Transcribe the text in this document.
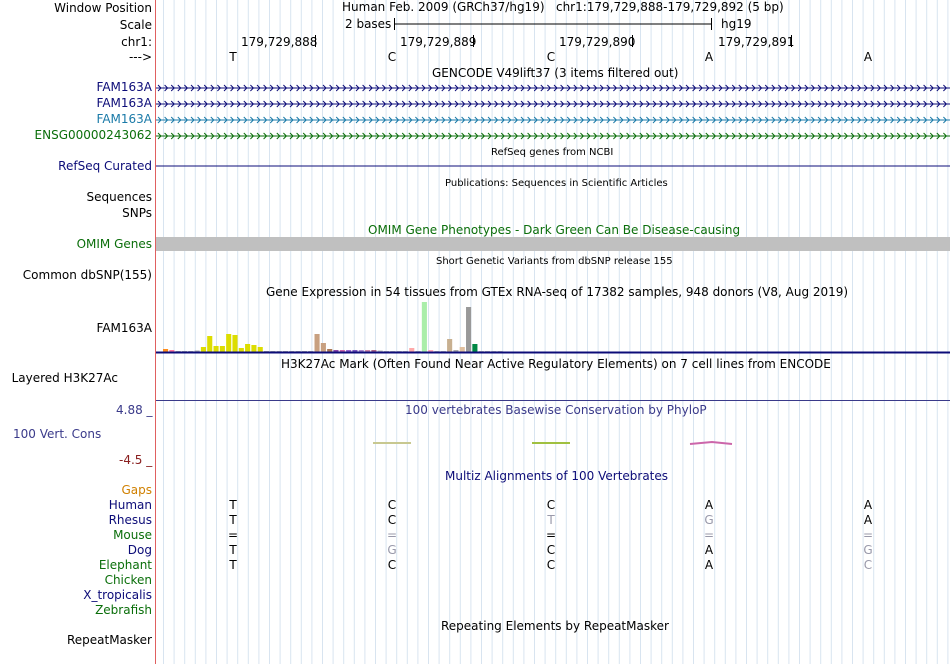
Window Position
Scale
chr1:
--->
Human Feb. 2009 (GRCh37/hg19) chr1:179,729,888-179,729,892 (5 bp)
2 bases	hg19
179,729,888	179,729,889	179,729,890	179,729,891
T	C	C	A	A
GENCODE V49lift37 (3 items filtered out)
FAM163A
FAM163A
FAM163A
ENSG00000243062
RefSeq genes from NCBI
RefSeq Curated
Publications: Sequences in Scientific Articles
Sequences
SNPs
OMIM Gene Phenotypes - Dark Green Can Be Disease-causing
OMIM Genes
Short Genetic Variants from dbSNP release 155
Common dbSNP(155)
Gene Expression in 54 tissues from GTEx RNA-seq of 17382 samples, 948 donors (V8, Aug 2019)
FAM163A
H3K27Ac Mark (Often Found Near Active Regulatory Elements) on 7 cell lines from ENCODE
Layered H3K27Ac
100 vertebrates Basewise Conservation by PhyloP
4.88 _
100 Vert. Cons
-4.5 _
Multiz Alignments of 100 Vertebrates
Gaps
Human	T	C	C	A	A
Rhesus	T	C	T	G	A
Mouse	=	=	=	=	=
Dog	T	G	C	A	G
Elephant	T	C	C	A	C
Chicken
X_tropicalis
Zebrafish
Repeating Elements by RepeatMasker
RepeatMasker
